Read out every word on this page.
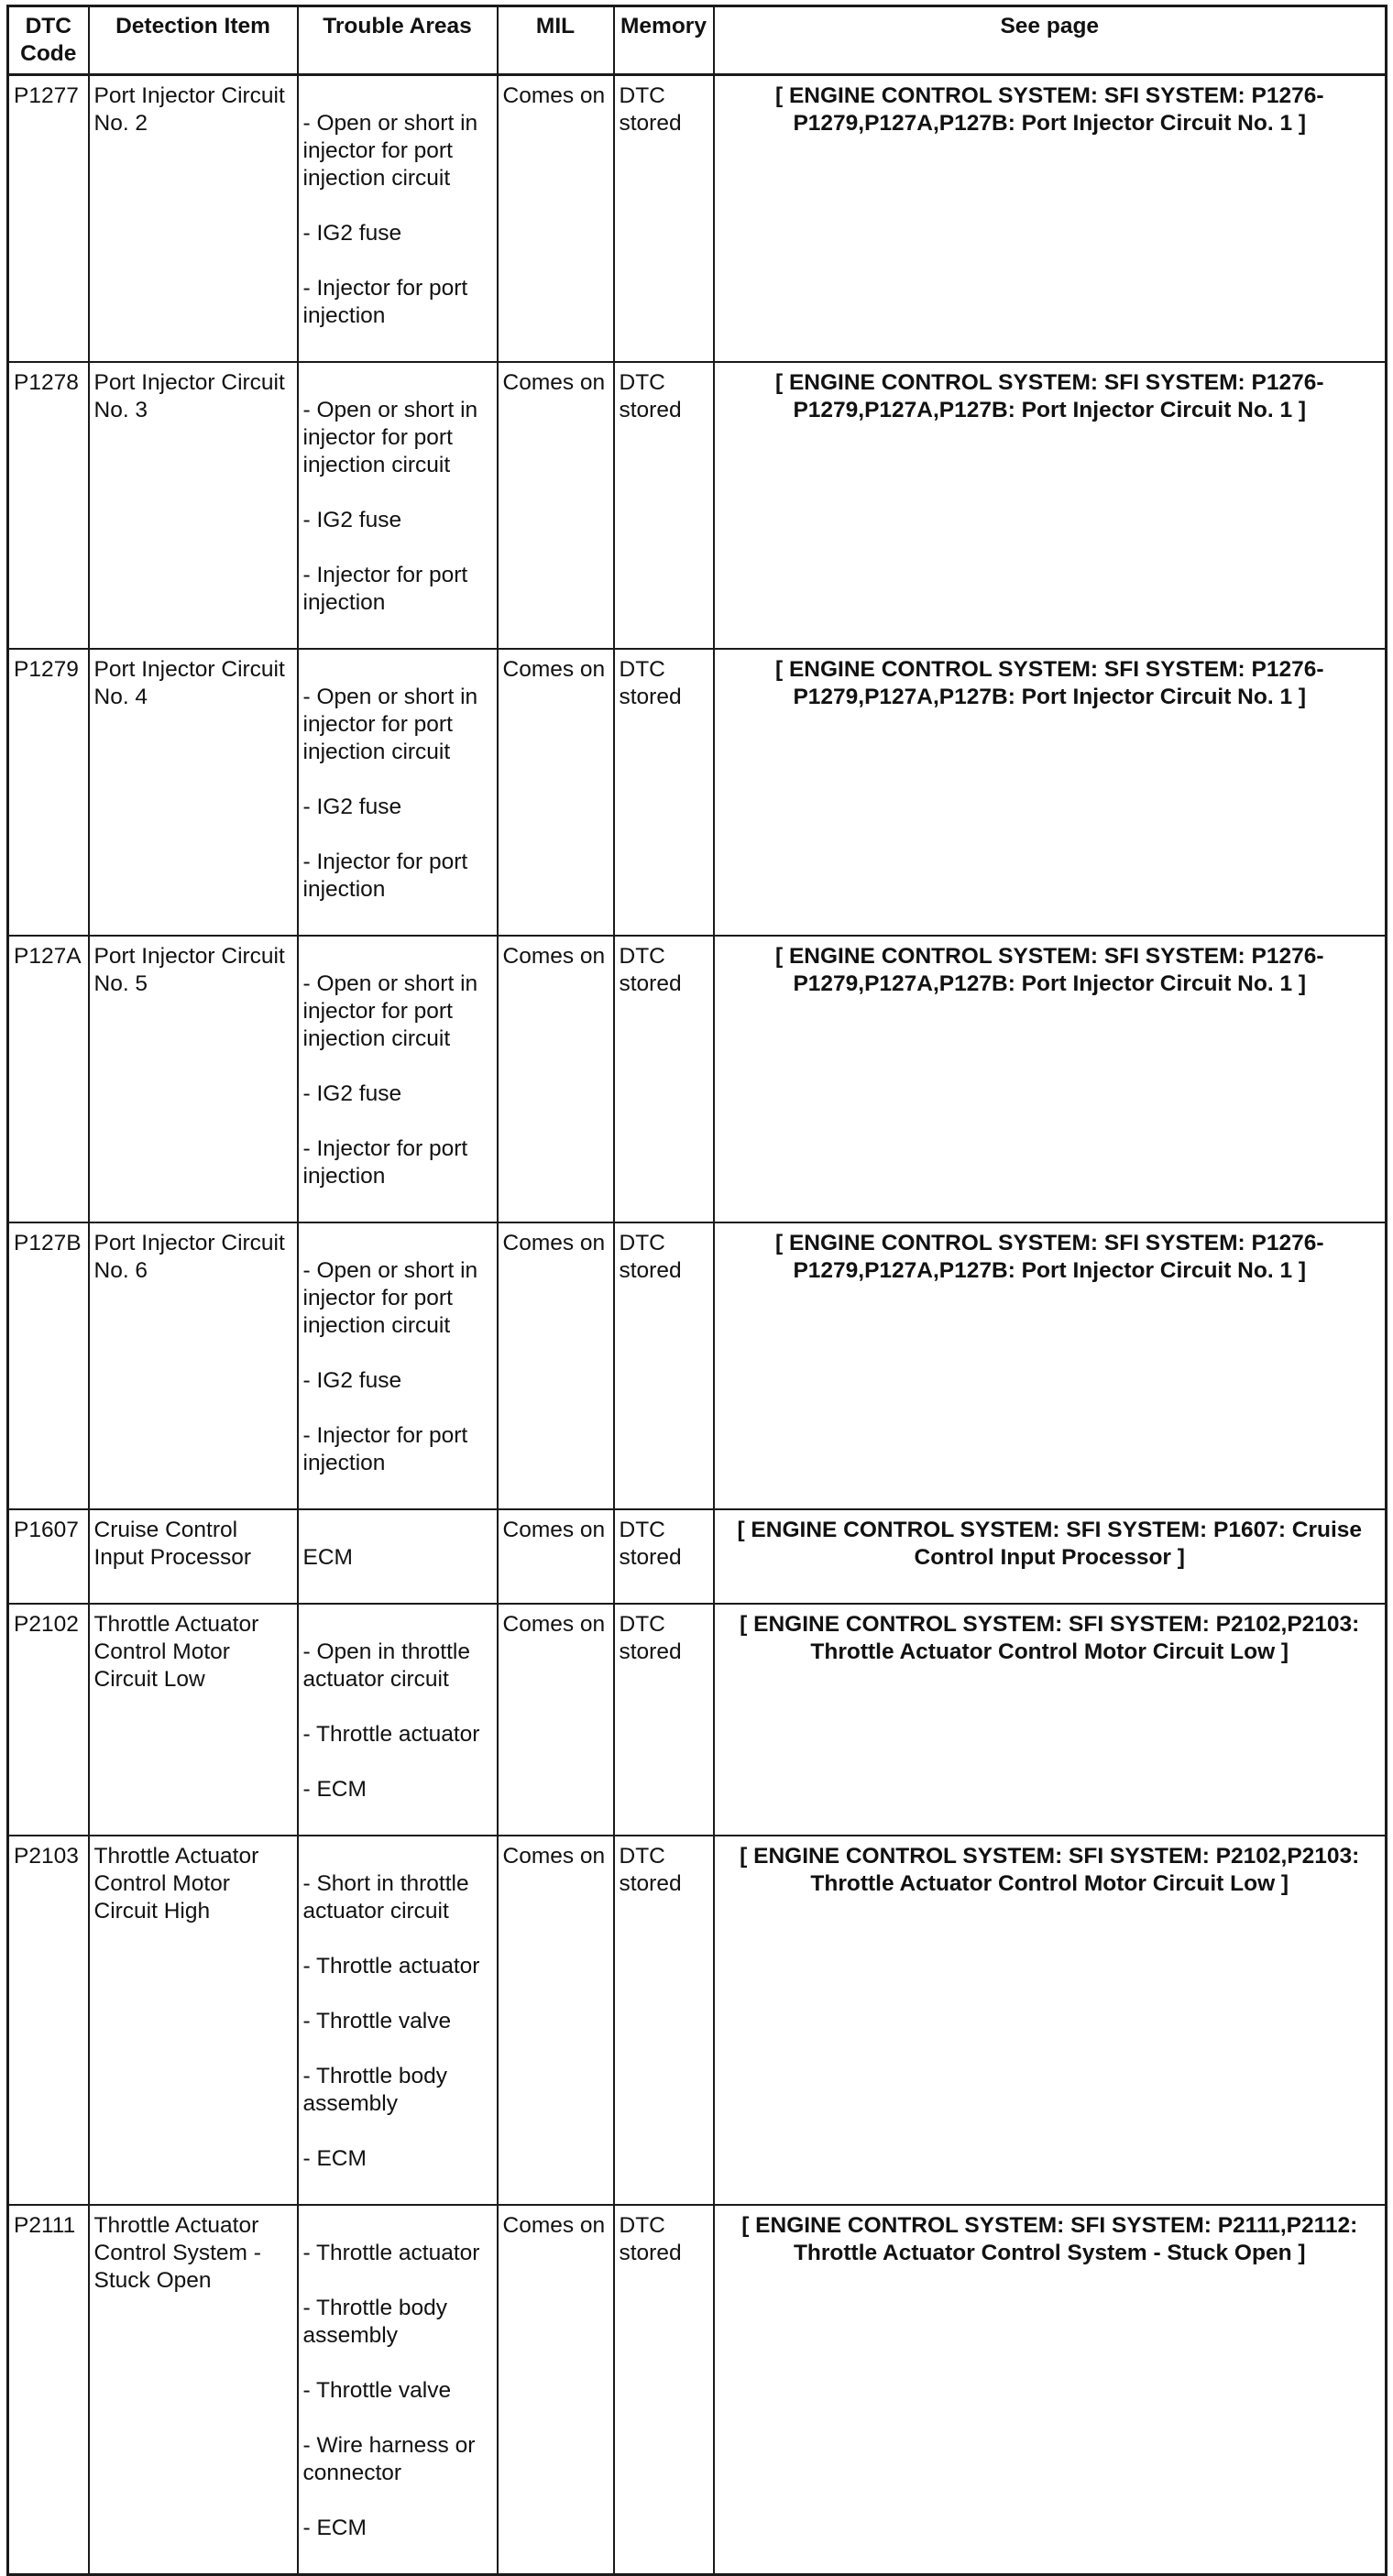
DTC Code	Detection Item	Trouble Areas	MIL	Memory	See page
P1277	Port Injector Circuit No. 2	- Open or short in injector for port injection circuit

- IG2 fuse

- Injector for port injection	Comes on	DTC stored	[ ENGINE CONTROL SYSTEM: SFI SYSTEM: P1276-P1279,P127A,P127B: Port Injector Circuit No. 1 ]
P1278	Port Injector Circuit No. 3	- Open or short in injector for port injection circuit

- IG2 fuse

- Injector for port injection	Comes on	DTC stored	[ ENGINE CONTROL SYSTEM: SFI SYSTEM: P1276-P1279,P127A,P127B: Port Injector Circuit No. 1 ]
P1279	Port Injector Circuit No. 4	- Open or short in injector for port injection circuit

- IG2 fuse

- Injector for port injection	Comes on	DTC stored	[ ENGINE CONTROL SYSTEM: SFI SYSTEM: P1276-P1279,P127A,P127B: Port Injector Circuit No. 1 ]
P127A	Port Injector Circuit No. 5	- Open or short in injector for port injection circuit

- IG2 fuse

- Injector for port injection	Comes on	DTC stored	[ ENGINE CONTROL SYSTEM: SFI SYSTEM: P1276-P1279,P127A,P127B: Port Injector Circuit No. 1 ]
P127B	Port Injector Circuit No. 6	- Open or short in injector for port injection circuit

- IG2 fuse

- Injector for port injection	Comes on	DTC stored	[ ENGINE CONTROL SYSTEM: SFI SYSTEM: P1276-P1279,P127A,P127B: Port Injector Circuit No. 1 ]
P1607	Cruise Control Input Processor	ECM	Comes on	DTC stored	[ ENGINE CONTROL SYSTEM: SFI SYSTEM: P1607: Cruise Control Input Processor ]
P2102	Throttle Actuator Control Motor Circuit Low	- Open in throttle actuator circuit

- Throttle actuator

- ECM	Comes on	DTC stored	[ ENGINE CONTROL SYSTEM: SFI SYSTEM: P2102,P2103: Throttle Actuator Control Motor Circuit Low ]
P2103	Throttle Actuator Control Motor Circuit High	- Short in throttle actuator circuit

- Throttle actuator

- Throttle valve

- Throttle body assembly

- ECM	Comes on	DTC stored	[ ENGINE CONTROL SYSTEM: SFI SYSTEM: P2102,P2103: Throttle Actuator Control Motor Circuit Low ]
P2111	Throttle Actuator Control System - Stuck Open	- Throttle actuator

- Throttle body assembly

- Throttle valve

- Wire harness or connector

- ECM	Comes on	DTC stored	[ ENGINE CONTROL SYSTEM: SFI SYSTEM: P2111,P2112: Throttle Actuator Control System - Stuck Open ]
